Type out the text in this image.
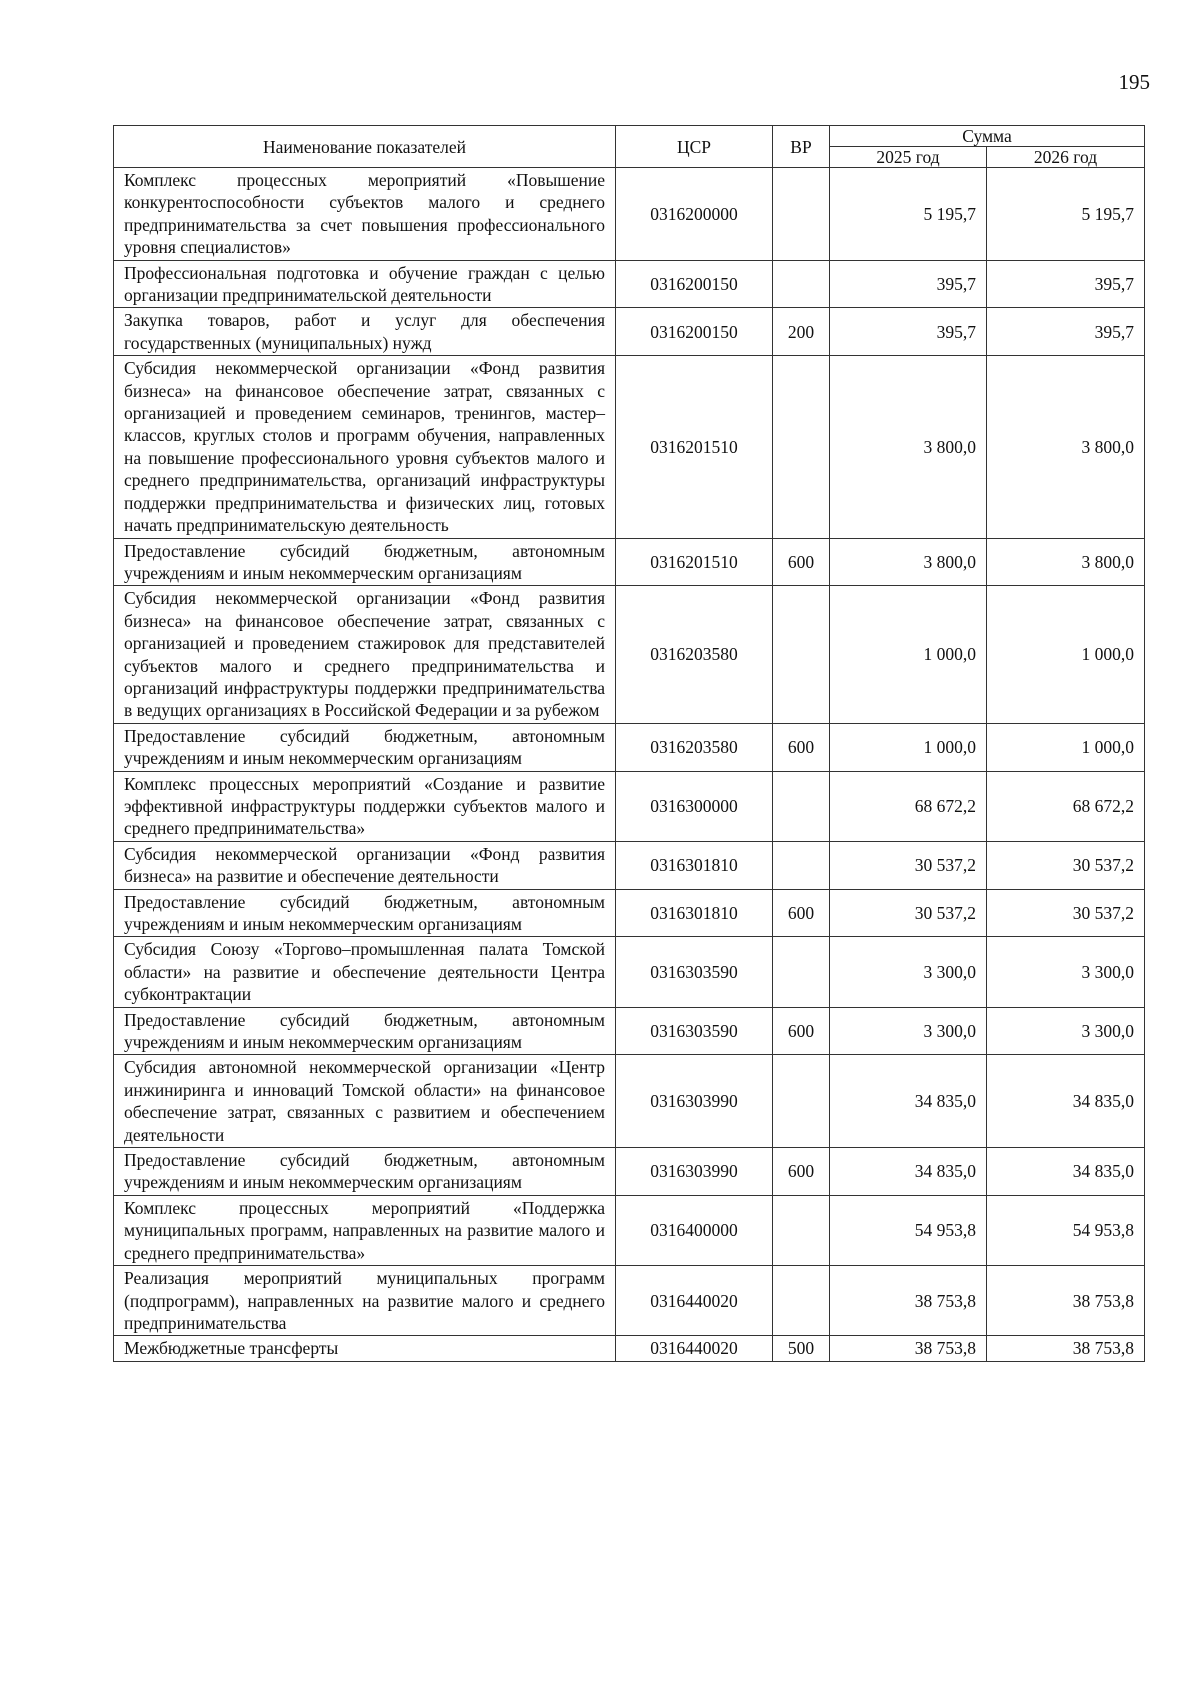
195
Наименование показателей	ЦСР	ВР	Сумма	
			2025 год	2026 год
Комплекс процессных мероприятий «Повышение конкурентоспособности субъектов малого и среднего предпринимательства за счет повышения профессионального уровня специалистов»	0316200000		5 195,7	5 195,7
Профессиональная подготовка и обучение граждан с целью организации предпринимательской деятельности	0316200150		395,7	395,7
Закупка товаров, работ и услуг для обеспечения государственных (муниципальных) нужд	0316200150	200	395,7	395,7
Субсидия некоммерческой организации «Фонд развития бизнеса» на финансовое обеспечение затрат, связанных с организацией и проведением семинаров, тренингов, мастер–классов, круглых столов и программ обучения, направленных на повышение профессионального уровня субъектов малого и среднего предпринимательства, организаций инфраструктуры поддержки предпринимательства и физических лиц, готовых начать предпринимательскую деятельность	0316201510		3 800,0	3 800,0
Предоставление субсидий бюджетным, автономным учреждениям и иным некоммерческим организациям	0316201510	600	3 800,0	3 800,0
Субсидия некоммерческой организации «Фонд развития бизнеса» на финансовое обеспечение затрат, связанных с организацией и проведением стажировок для представителей субъектов малого и среднего предпринимательства и организаций инфраструктуры поддержки предпринимательства в ведущих организациях в Российской Федерации и за рубежом	0316203580		1 000,0	1 000,0
Предоставление субсидий бюджетным, автономным учреждениям и иным некоммерческим организациям	0316203580	600	1 000,0	1 000,0
Комплекс процессных мероприятий «Создание и развитие эффективной инфраструктуры поддержки субъектов малого и среднего предпринимательства»	0316300000		68 672,2	68 672,2
Субсидия некоммерческой организации «Фонд развития бизнеса» на развитие и обеспечение деятельности	0316301810		30 537,2	30 537,2
Предоставление субсидий бюджетным, автономным учреждениям и иным некоммерческим организациям	0316301810	600	30 537,2	30 537,2
Субсидия Союзу «Торгово–промышленная палата Томской области» на развитие и обеспечение деятельности Центра субконтрактации	0316303590		3 300,0	3 300,0
Предоставление субсидий бюджетным, автономным учреждениям и иным некоммерческим организациям	0316303590	600	3 300,0	3 300,0
Субсидия автономной некоммерческой организации «Центр инжиниринга и инноваций Томской области» на финансовое обеспечение затрат, связанных с развитием и обеспечением деятельности	0316303990		34 835,0	34 835,0
Предоставление субсидий бюджетным, автономным учреждениям и иным некоммерческим организациям	0316303990	600	34 835,0	34 835,0
Комплекс процессных мероприятий «Поддержка муниципальных программ, направленных на развитие малого и среднего предпринимательства»	0316400000		54 953,8	54 953,8
Реализация мероприятий муниципальных программ (подпрограмм), направленных на развитие малого и среднего предпринимательства	0316440020		38 753,8	38 753,8
Межбюджетные трансферты	0316440020	500	38 753,8	38 753,8
